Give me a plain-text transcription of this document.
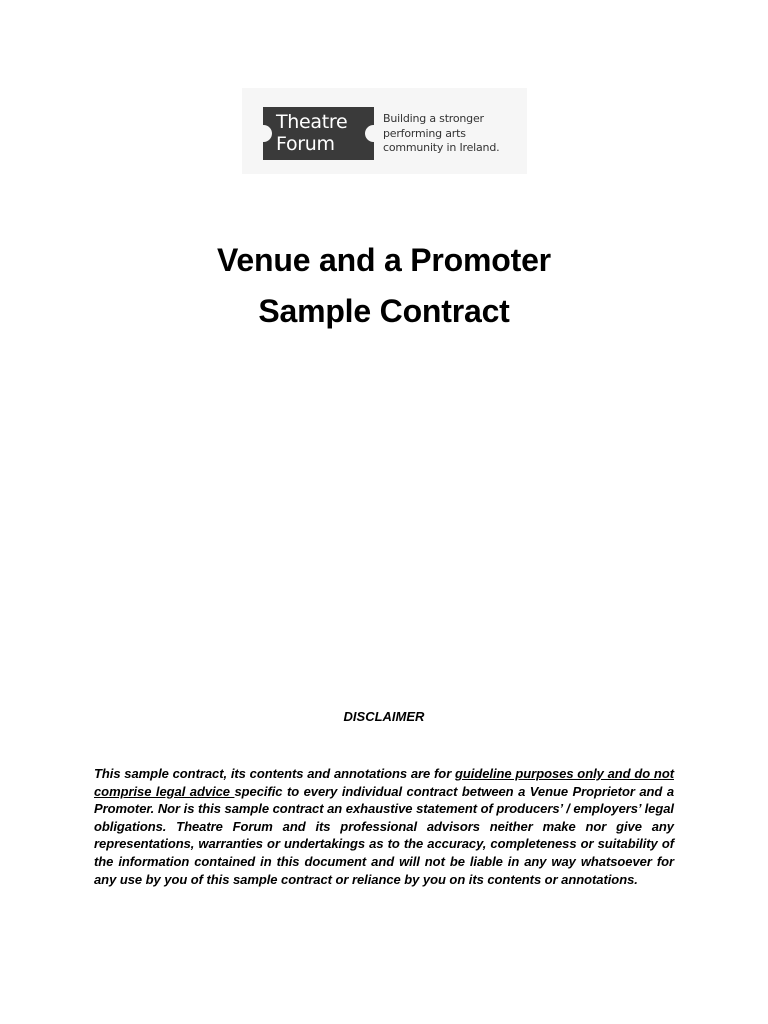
Theatre
Forum
Building a stronger
performing arts
community in Ireland.
Venue and a Promoter
Sample Contract
DISCLAIMER
This sample contract, its contents and annotations are for guideline purposes only and do not comprise legal advice specific to every individual contract between a Venue Proprietor and a Promoter. Nor is this sample contract an exhaustive statement of producers’ / employers’ legal obligations. Theatre Forum and its professional advisors neither make nor give any representations, warranties or undertakings as to the accuracy, completeness or suitability of the information contained in this document and will not be liable in any way whatsoever for any use by you of this sample contract or reliance by you on its contents or annotations.
